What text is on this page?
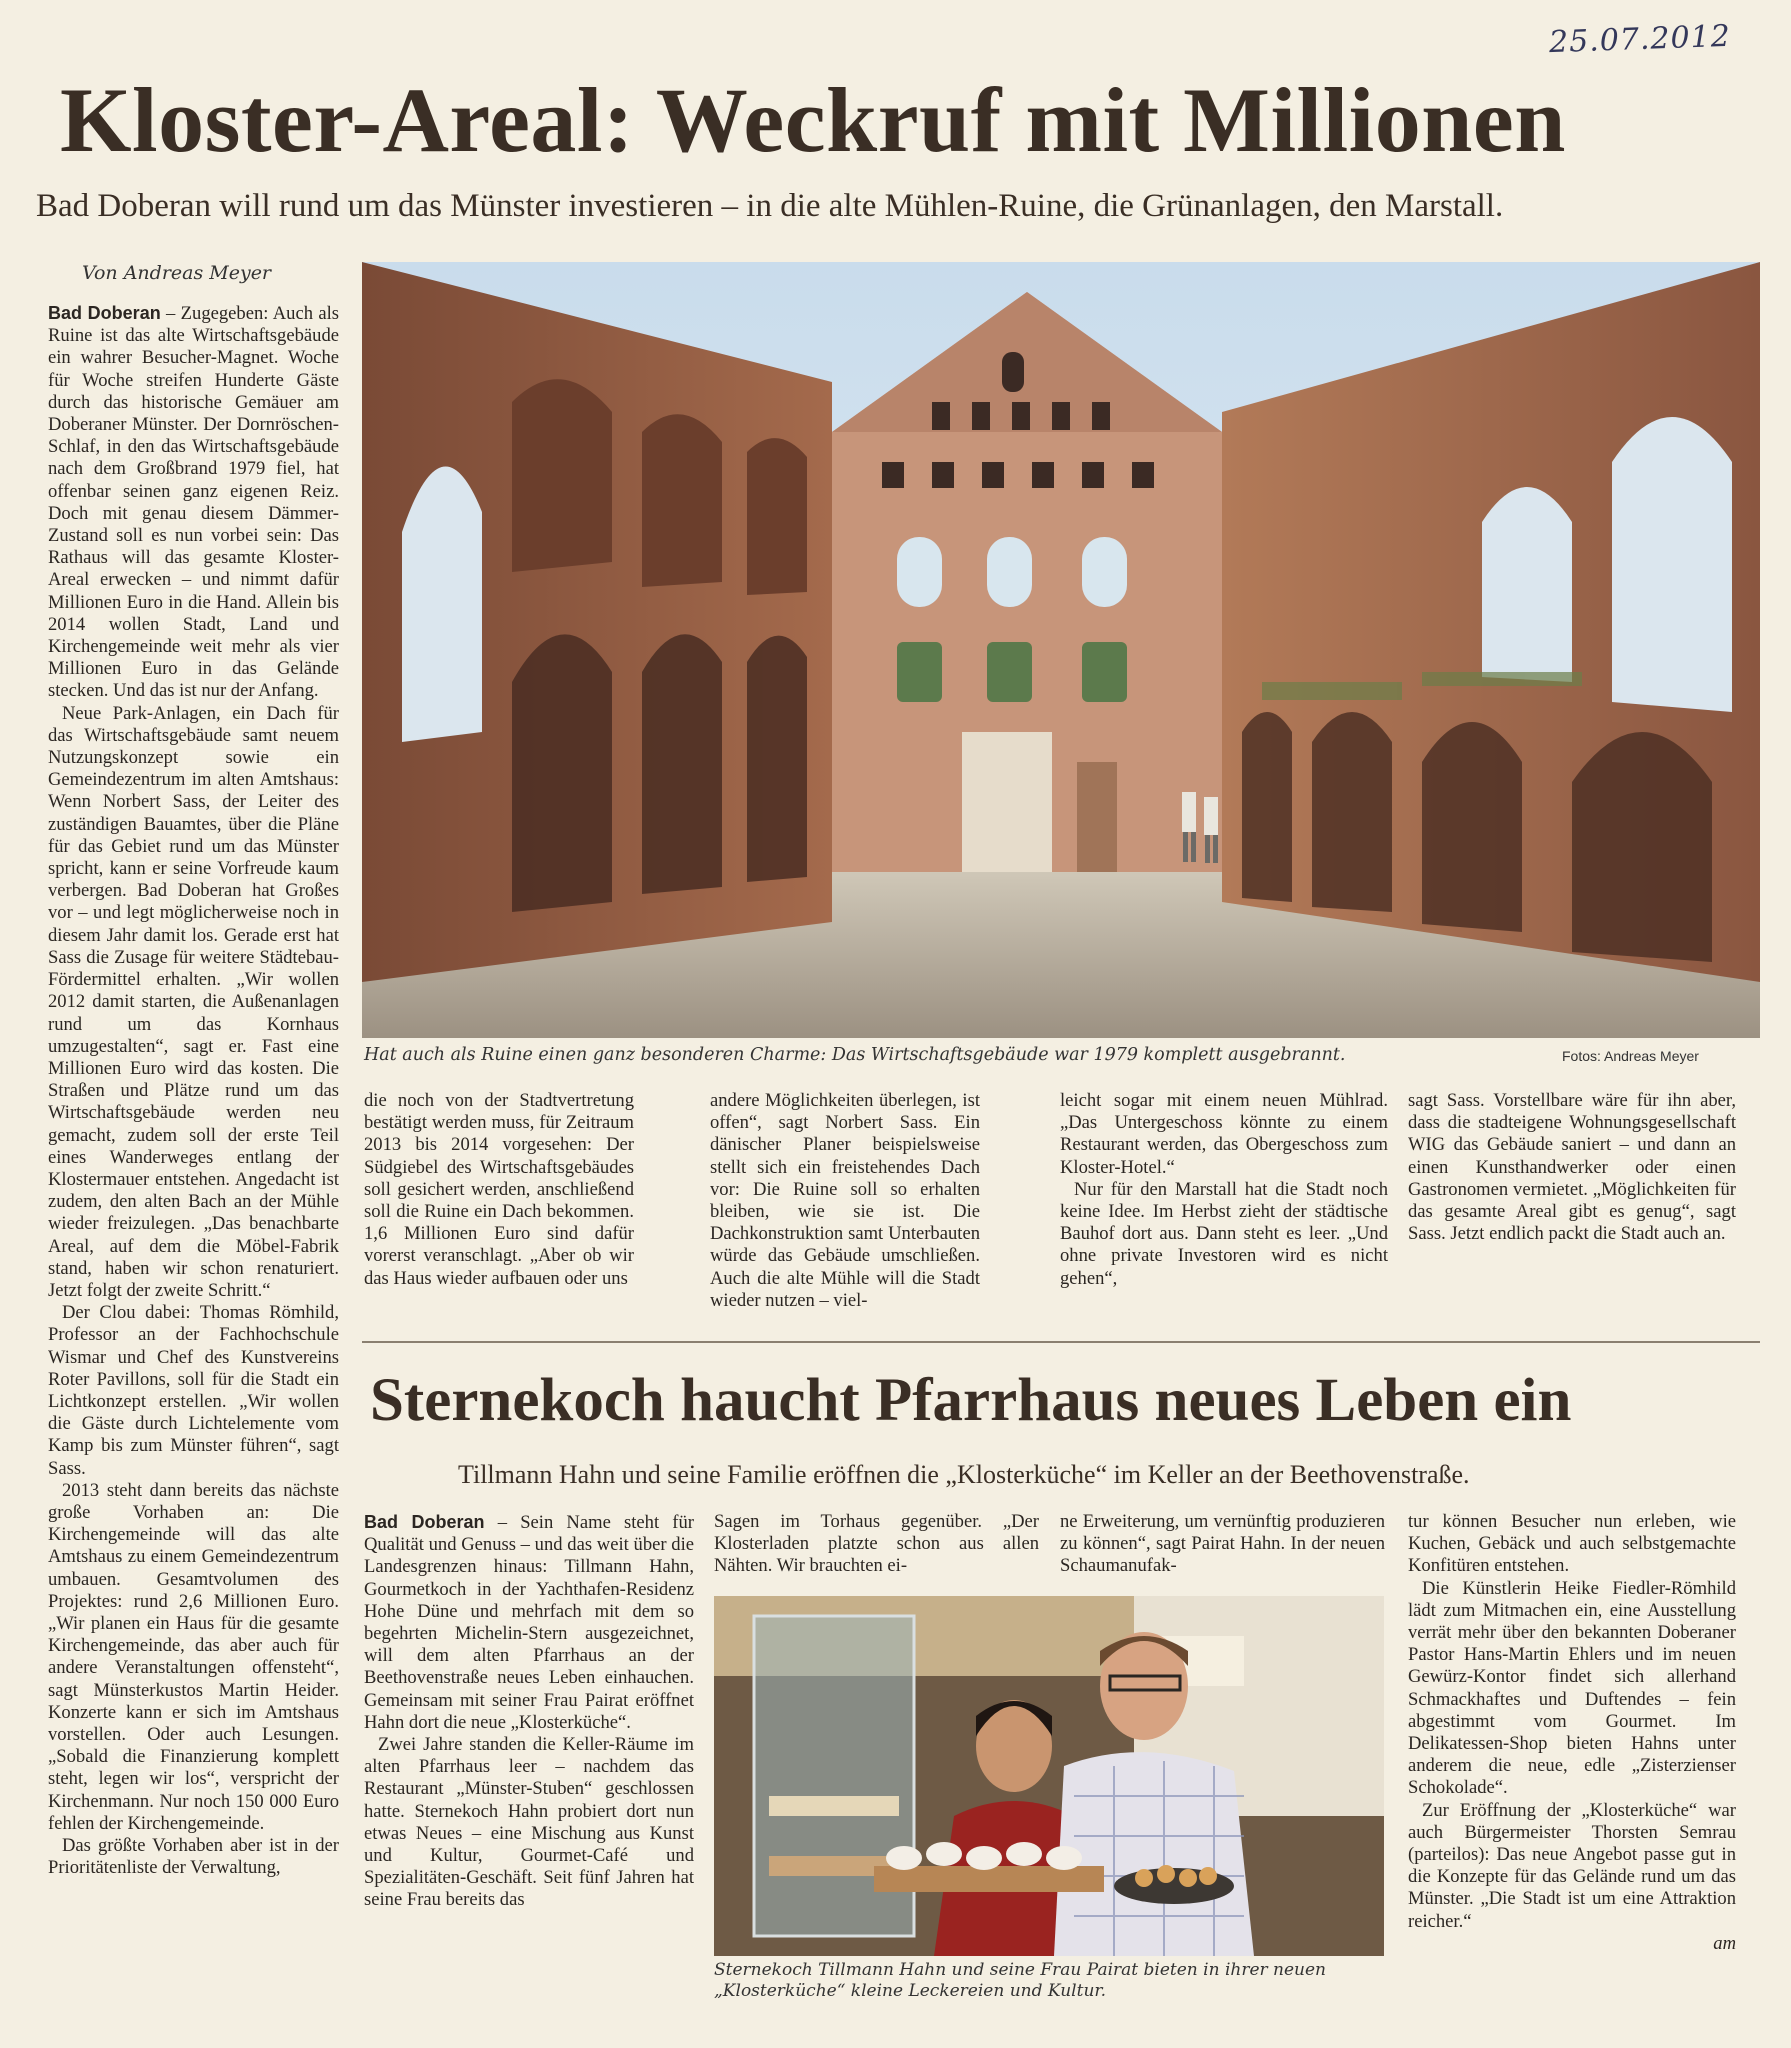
25.07.2012
Kloster-Areal: Weckruf mit Millionen
Bad Doberan will rund um das Münster investieren – in die alte Mühlen-Ruine, die Grünanlagen, den Marstall.
Von Andreas Meyer

Bad Doberan – Zugegeben: Auch als Ruine ist das alte Wirtschaftsgebäude ein wahrer Besucher-Magnet. Woche für Woche streifen Hunderte Gäste durch das historische Gemäuer am Doberaner Münster. Der Dornröschen-Schlaf, in den das Wirtschaftsgebäude nach dem Großbrand 1979 fiel, hat offenbar seinen ganz eigenen Reiz. Doch mit genau diesem Dämmer-Zustand soll es nun vorbei sein: Das Rathaus will das gesamte Kloster-Areal erwecken – und nimmt dafür Millionen Euro in die Hand. Allein bis 2014 wollen Stadt, Land und Kirchengemeinde weit mehr als vier Millionen Euro in das Gelände stecken. Und das ist nur der Anfang.

Neue Park-Anlagen, ein Dach für das Wirtschaftsgebäude samt neuem Nutzungskonzept sowie ein Gemeindezentrum im alten Amtshaus: Wenn Norbert Sass, der Leiter des zuständigen Bauamtes, über die Pläne für das Gebiet rund um das Münster spricht, kann er seine Vorfreude kaum verbergen. Bad Doberan hat Großes vor – und legt möglicherweise noch in diesem Jahr damit los. Gerade erst hat Sass die Zusage für weitere Städtebau-Fördermittel erhalten. „Wir wollen 2012 damit starten, die Außenanlagen rund um das Kornhaus umzugestalten“, sagt er. Fast eine Millionen Euro wird das kosten. Die Straßen und Plätze rund um das Wirtschaftsgebäude werden neu gemacht, zudem soll der erste Teil eines Wanderweges entlang der Klostermauer entstehen. Angedacht ist zudem, den alten Bach an der Mühle wieder freizulegen. „Das benachbarte Areal, auf dem die Möbel-Fabrik stand, haben wir schon renaturiert. Jetzt folgt der zweite Schritt.“

Der Clou dabei: Thomas Römhild, Professor an der Fachhochschule Wismar und Chef des Kunstvereins Roter Pavillons, soll für die Stadt ein Lichtkonzept erstellen. „Wir wollen die Gäste durch Lichtelemente vom Kamp bis zum Münster führen“, sagt Sass.

2013 steht dann bereits das nächste große Vorhaben an: Die Kirchengemeinde will das alte Amtshaus zu einem Gemeindezentrum umbauen. Gesamtvolumen des Projektes: rund 2,6 Millionen Euro. „Wir planen ein Haus für die gesamte Kirchengemeinde, das aber auch für andere Veranstaltungen offensteht“, sagt Münsterkustos Martin Heider. Konzerte kann er sich im Amtshaus vorstellen. Oder auch Lesungen. „Sobald die Finanzierung komplett steht, legen wir los“, verspricht der Kirchenmann. Nur noch 150 000 Euro fehlen der Kirchengemeinde.

Das größte Vorhaben aber ist in der Prioritätenliste der Verwaltung,

Hat auch als Ruine einen ganz besonderen Charme: Das Wirtschaftsgebäude war 1979 komplett ausgebrannt.	Fotos: Andreas Meyer

die noch von der Stadtvertretung bestätigt werden muss, für Zeitraum 2013 bis 2014 vorgesehen: Der Südgiebel des Wirtschaftsgebäudes soll gesichert werden, anschließend soll die Ruine ein Dach bekommen. 1,6 Millionen Euro sind dafür vorerst veranschlagt. „Aber ob wir das Haus wieder aufbauen oder uns

andere Möglichkeiten überlegen, ist offen“, sagt Norbert Sass. Ein dänischer Planer beispielsweise stellt sich ein freistehendes Dach vor: Die Ruine soll so erhalten bleiben, wie sie ist. Die Dachkonstruktion samt Unterbauten würde das Gebäude umschließen. Auch die alte Mühle will die Stadt wieder nutzen – viel-

leicht sogar mit einem neuen Mühlrad. „Das Untergeschoss könnte zu einem Restaurant werden, das Obergeschoss zum Kloster-Hotel.“

Nur für den Marstall hat die Stadt noch keine Idee. Im Herbst zieht der städtische Bauhof dort aus. Dann steht es leer. „Und ohne private Investoren wird es nicht gehen“,

sagt Sass. Vorstellbare wäre für ihn aber, dass die stadteigene Wohnungsgesellschaft WIG das Gebäude saniert – und dann an einen Kunsthandwerker oder einen Gastronomen vermietet. „Möglichkeiten für das gesamte Areal gibt es genug“, sagt Sass. Jetzt endlich packt die Stadt auch an.

Sternekoch haucht Pfarrhaus neues Leben ein
Tillmann Hahn und seine Familie eröffnen die „Klosterküche“ im Keller an der Beethovenstraße.

Bad Doberan – Sein Name steht für Qualität und Genuss – und das weit über die Landesgrenzen hinaus: Tillmann Hahn, Gourmetkoch in der Yachthafen-Residenz Hohe Düne und mehrfach mit dem so begehrten Michelin-Stern ausgezeichnet, will dem alten Pfarrhaus an der Beethovenstraße neues Leben einhauchen. Gemeinsam mit seiner Frau Pairat eröffnet Hahn dort die neue „Klosterküche“.

Zwei Jahre standen die Keller-Räume im alten Pfarrhaus leer – nachdem das Restaurant „Münster-Stuben“ geschlossen hatte. Sternekoch Hahn probiert dort nun etwas Neues – eine Mischung aus Kunst und Kultur, Gourmet-Café und Spezialitäten-Geschäft. Seit fünf Jahren hat seine Frau bereits das

Sagen im Torhaus gegenüber. „Der Klosterladen platzte schon aus allen Nähten. Wir brauchten ei-

ne Erweiterung, um vernünftig produzieren zu können“, sagt Pairat Hahn. In der neuen Schaumanufak-

tur können Besucher nun erleben, wie Kuchen, Gebäck und auch selbstgemachte Konfitüren entstehen.

Die Künstlerin Heike Fiedler-Römhild lädt zum Mitmachen ein, eine Ausstellung verrät mehr über den bekannten Doberaner Pastor Hans-Martin Ehlers und im neuen Gewürz-Kontor findet sich allerhand Schmackhaftes und Duftendes – fein abgestimmt vom Gourmet. Im Delikatessen-Shop bieten Hahns unter anderem die neue, edle „Zisterzienser Schokolade“.

Zur Eröffnung der „Klosterküche“ war auch Bürgermeister Thorsten Semrau (parteilos): Das neue Angebot passe gut in die Konzepte für das Gelände rund um das Münster. „Die Stadt ist um eine Attraktion reicher.“

am

Sternekoch Tillmann Hahn und seine Frau Pairat bieten in ihrer neuen „Klosterküche“ kleine Leckereien und Kultur.
